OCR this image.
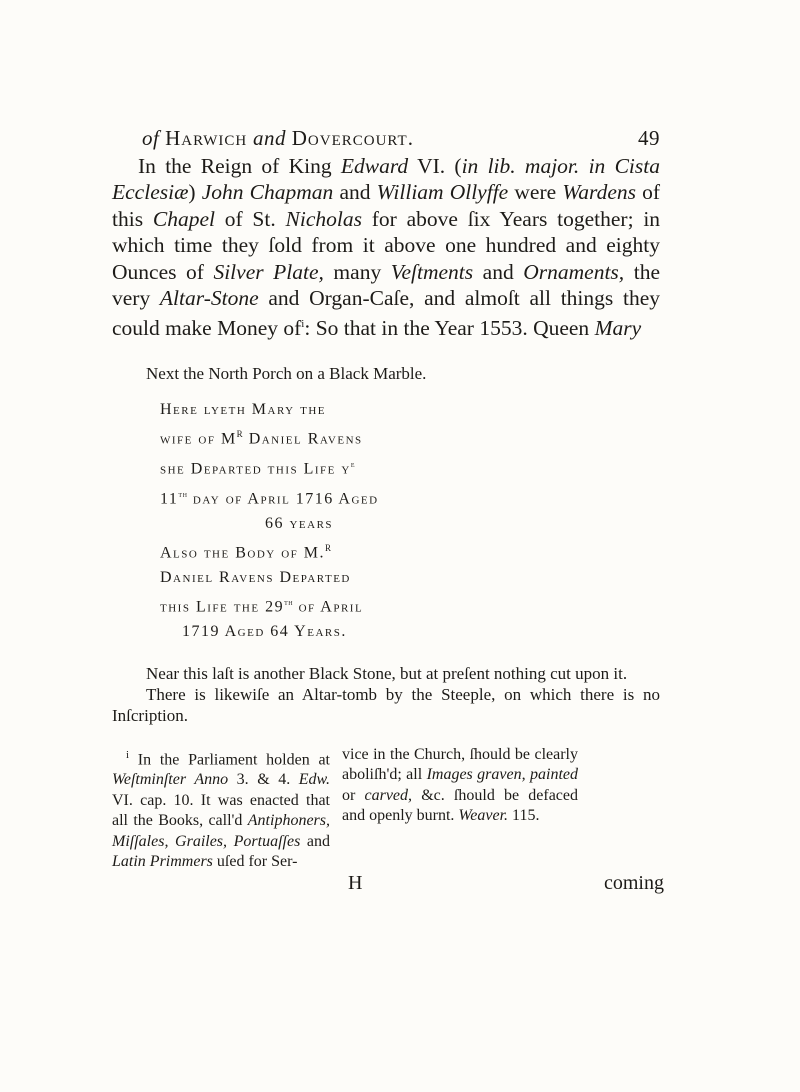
of Harwich and Dovercourt.	49

In the Reign of King Edward VI. (in lib. major. in Cista Ecclesiæ) John Chapman and William Ollyffe were Wardens of this Chapel of St. Nicholas for above ſix Years together; in which time they ſold from it above one hundred and eighty Ounces of Silver Plate, many Veſtments and Ornaments, the very Altar-Stone and Organ-Caſe, and almoſt all things they could make Money $of^i$: So that in the Year 1553. Queen Mary

Next the North Porch on a Black Marble.
Here lyeth Mary the
wife of $M^R$ Daniel Ravens
she Departed this Life $y^e$
11th day of April 1716 Aged
66 years
Also the Body of M.$^R$
Daniel Ravens Departed
this Life the 29th of April
1719 Aged 64 Years.
Near this laſt is another Black Stone, but at preſent nothing cut upon it.
There is likewiſe an Altar-tomb by the Steeple, on which there is no Inſcription.
$^i$ In the Parliament holden at Weſtminſter Anno 3. & 4. Edw. VI. cap. 10. It was enacted that all the Books, call'd Antiphoners, Miſſales, Grailes, Portuaſſes and Latin Primmers uſed for Ser-
vice in the Church, ſhould be clearly aboliſh'd; all Images graven, painted or carved, &c. ſhould be defaced and openly burnt. Weaver. 115.
H	coming
